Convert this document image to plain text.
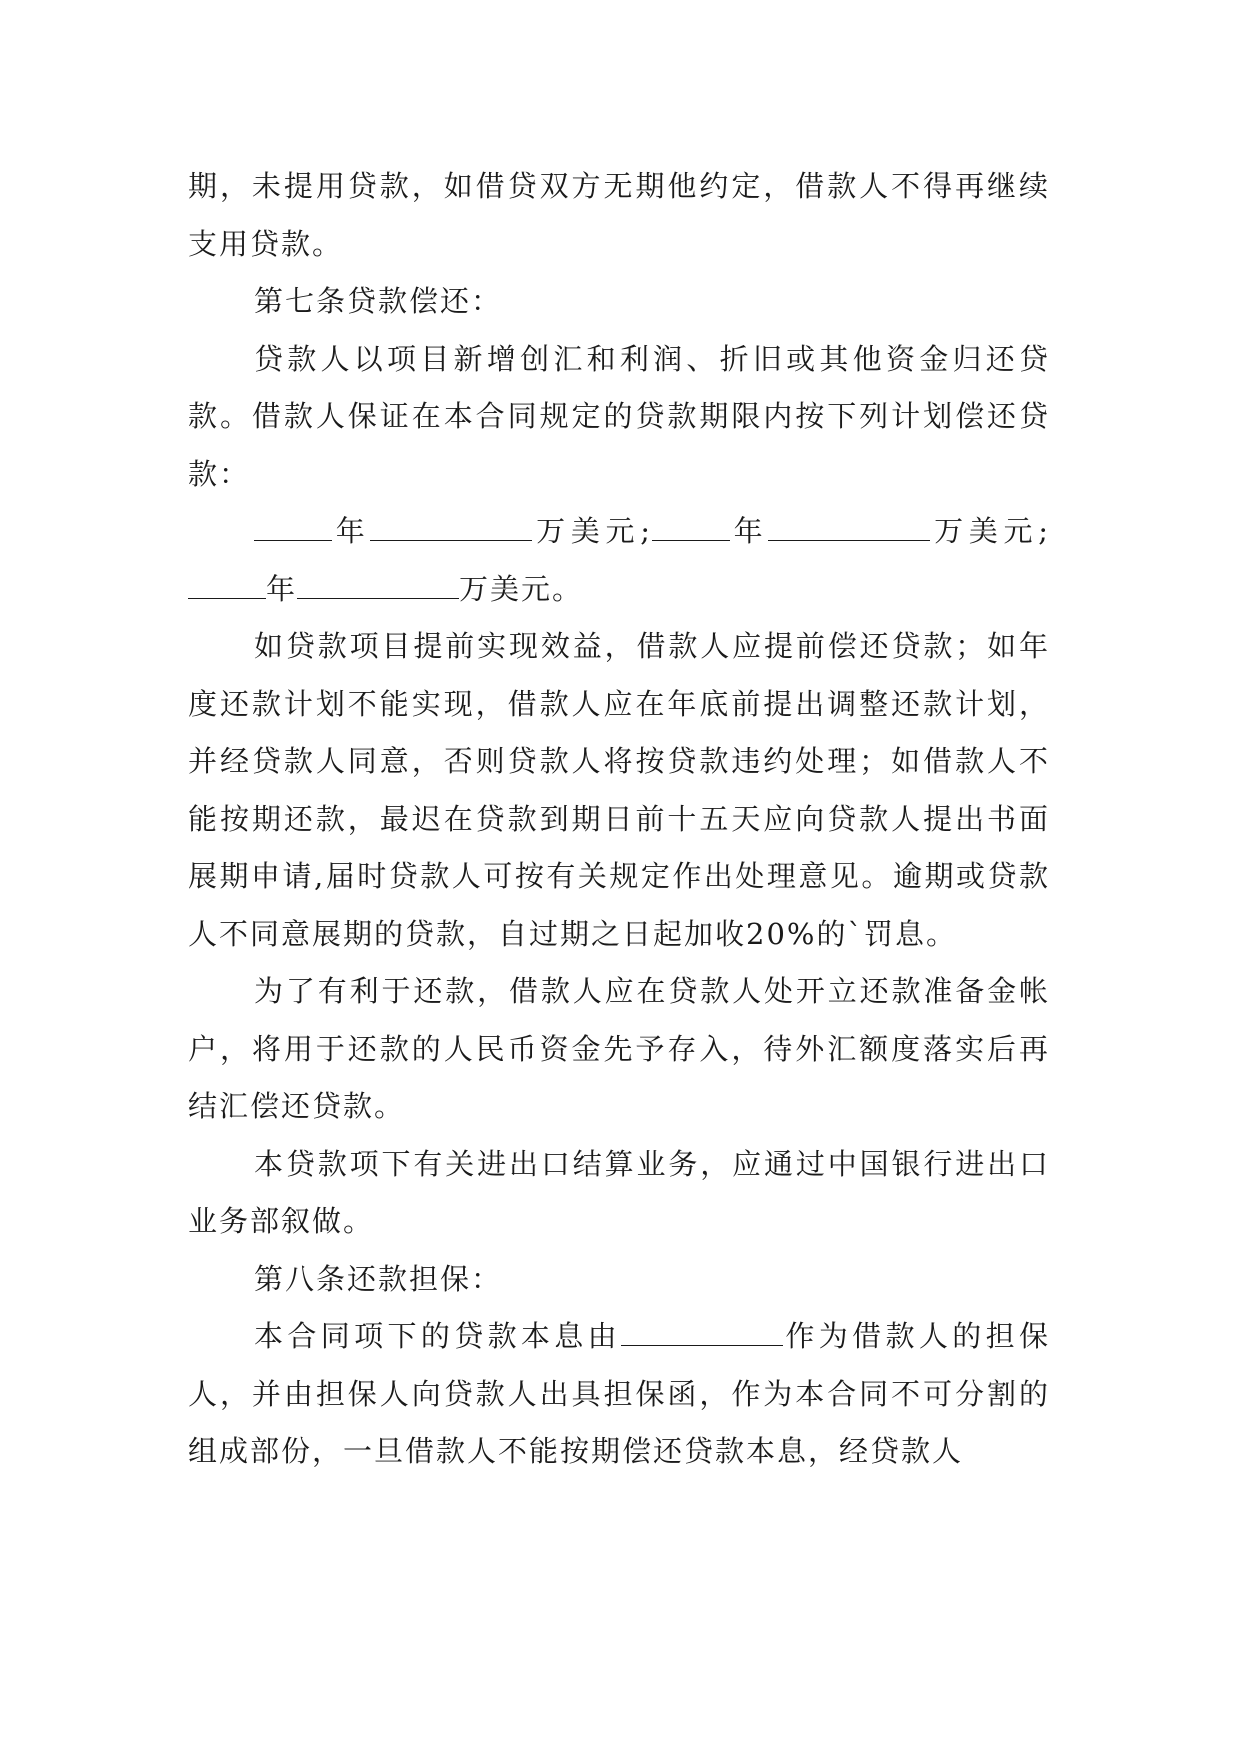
期，未提用贷款，如借贷双方无期他约定，借款人不得再继续支用贷款。

第七条贷款偿还：

贷款人以项目新增创汇和利润、折旧或其他资金归还贷款。借款人保证在本合同规定的贷款期限内按下列计划偿还贷款：

年	万美元;	年	万美元;年	万美元。

如贷款项目提前实现效益，借款人应提前偿还贷款；如年度还款计划不能实现，借款人应在年底前提出调整还款计划，并经贷款人同意，否则贷款人将按贷款违约处理；如借款人不能按期还款，最迟在贷款到期日前十五天应向贷款人提出书面展期申请,届时贷款人可按有关规定作出处理意见。逾期或贷款人不同意展期的贷款，自过期之日起加收20%的`罚息。

为了有利于还款，借款人应在贷款人处开立还款准备金帐户，将用于还款的人民币资金先予存入，待外汇额度落实后再结汇偿还贷款。

本贷款项下有关进出口结算业务，应通过中国银行进出口业务部叙做。

第八条还款担保：

本合同项下的贷款本息由	作为借款人的担保人，并由担保人向贷款人出具担保函，作为本合同不可分割的组成部份，一旦借款人不能按期偿还贷款本息，经贷款人
